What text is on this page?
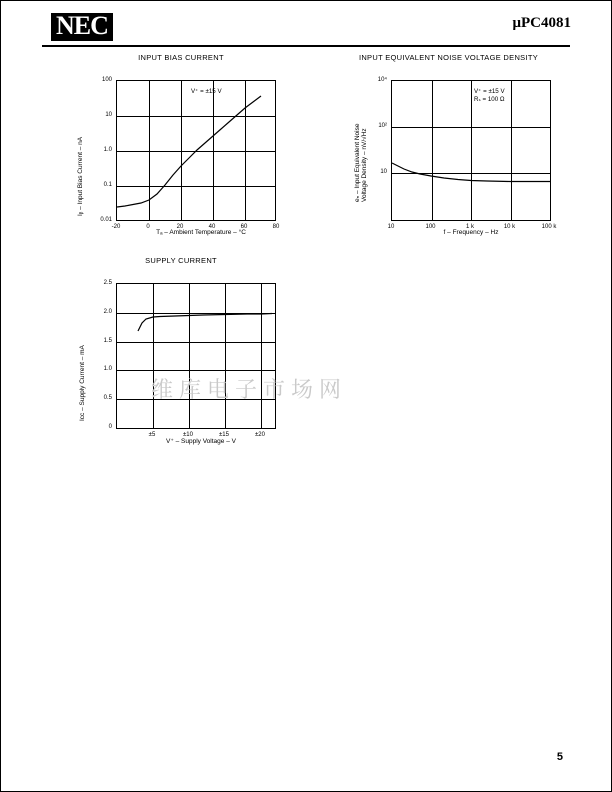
NEC	μPC4081
INPUT BIAS CURRENT
100
10
1.0
0.1
0.01
-20	0	20	40	60	80
V⁺ = ±15 V
Iᵦ – Input Bias Current – nA
Tₐ – Ambient Temperature – °C
INPUT EQUIVALENT NOISE VOLTAGE DENSITY
10⁴
10²
10
10	100	1 k	10 k	100 k
V⁺ = ±15 V
Rₛ = 100 Ω
eₙ – Input Equivalent Noise Voltage Density – nV/√Hz
f – Frequency – Hz
SUPPLY CURRENT
2.5
2.0
1.5
1.0
0.5
0
±5	±10	±15	±20
Iᴄᴄ – Supply Current – mA
V⁺ – Supply Voltage – V
维库电子市场网
5
